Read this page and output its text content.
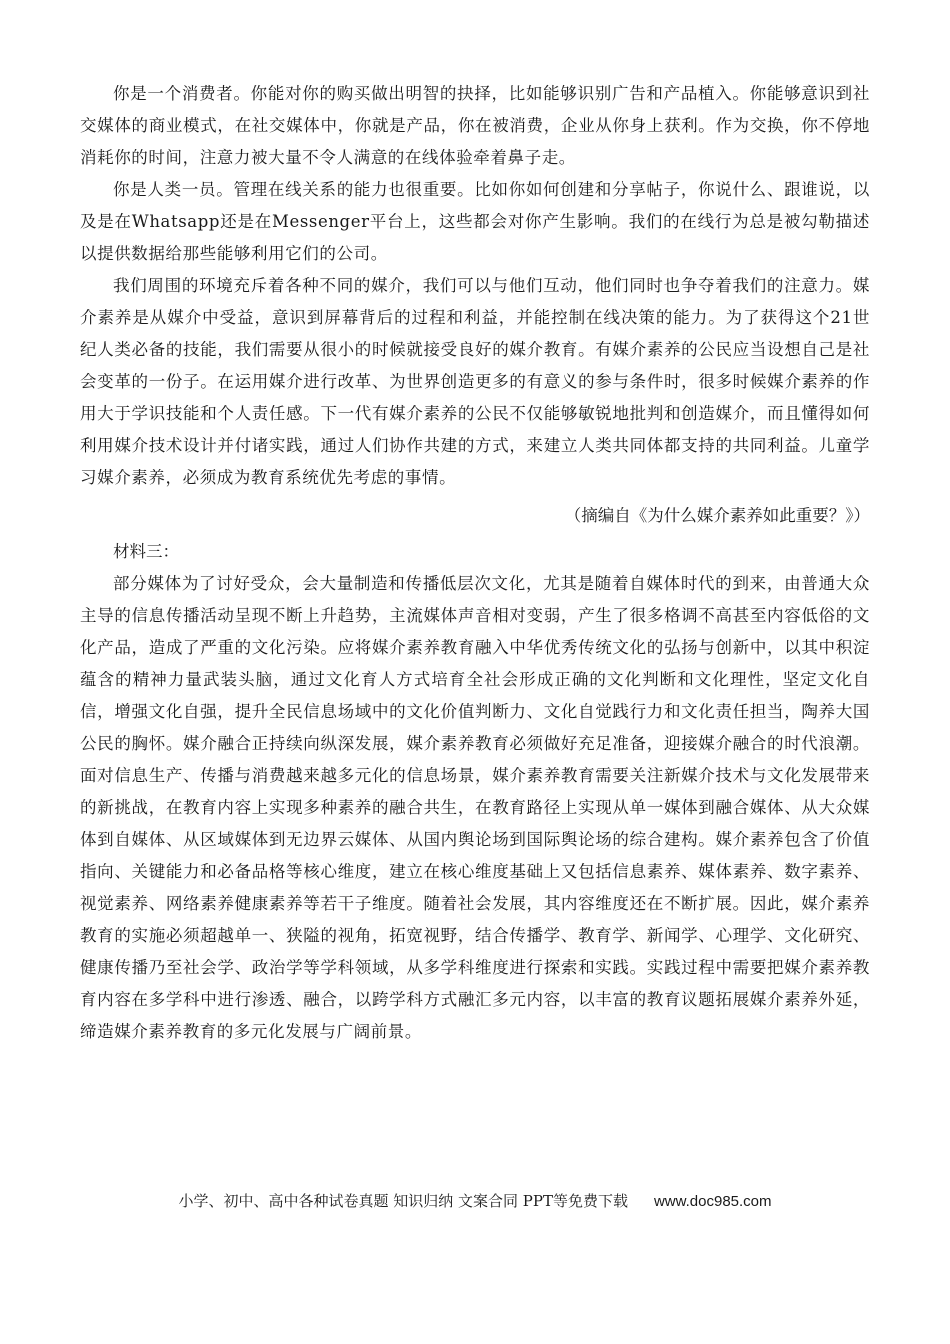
你是一个消费者。你能对你的购买做出明智的抉择，比如能够识别广告和产品植入。你能够意识到社交媒体的商业模式，在社交媒体中，你就是产品，你在被消费，企业从你身上获利。作为交换，你不停地消耗你的时间，注意力被大量不令人满意的在线体验牵着鼻子走。

你是人类一员。管理在线关系的能力也很重要。比如你如何创建和分享帖子，你说什么、跟谁说，以及是在Whatsapp还是在Messenger平台上，这些都会对你产生影响。我们的在线行为总是被勾勒描述以提供数据给那些能够利用它们的公司。

我们周围的环境充斥着各种不同的媒介，我们可以与他们互动，他们同时也争夺着我们的注意力。媒介素养是从媒介中受益，意识到屏幕背后的过程和利益，并能控制在线决策的能力。为了获得这个21世纪人类必备的技能，我们需要从很小的时候就接受良好的媒介教育。有媒介素养的公民应当设想自己是社会变革的一份子。在运用媒介进行改革、为世界创造更多的有意义的参与条件时，很多时候媒介素养的作用大于学识技能和个人责任感。下一代有媒介素养的公民不仅能够敏锐地批判和创造媒介，而且懂得如何利用媒介技术设计并付诸实践，通过人们协作共建的方式，来建立人类共同体都支持的共同利益。儿童学习媒介素养，必须成为教育系统优先考虑的事情。

（摘编自《为什么媒介素养如此重要？》）

材料三：

部分媒体为了讨好受众，会大量制造和传播低层次文化，尤其是随着自媒体时代的到来，由普通大众主导的信息传播活动呈现不断上升趋势，主流媒体声音相对变弱，产生了很多格调不高甚至内容低俗的文化产品，造成了严重的文化污染。应将媒介素养教育融入中华优秀传统文化的弘扬与创新中，以其中积淀蕴含的精神力量武装头脑，通过文化育人方式培育全社会形成正确的文化判断和文化理性，坚定文化自信，增强文化自强，提升全民信息场域中的文化价值判断力、文化自觉践行力和文化责任担当，陶养大国公民的胸怀。媒介融合正持续向纵深发展，媒介素养教育必须做好充足准备，迎接媒介融合的时代浪潮。面对信息生产、传播与消费越来越多元化的信息场景，媒介素养教育需要关注新媒介技术与文化发展带来的新挑战，在教育内容上实现多种素养的融合共生，在教育路径上实现从单一媒体到融合媒体、从大众媒体到自媒体、从区域媒体到无边界云媒体、从国内舆论场到国际舆论场的综合建构。媒介素养包含了价值指向、关键能力和必备品格等核心维度，建立在核心维度基础上又包括信息素养、媒体素养、数字素养、视觉素养、网络素养健康素养等若干子维度。随着社会发展，其内容维度还在不断扩展。因此，媒介素养教育的实施必须超越单一、狭隘的视角，拓宽视野，结合传播学、教育学、新闻学、心理学、文化研究、健康传播乃至社会学、政治学等学科领域，从多学科维度进行探索和实践。实践过程中需要把媒介素养教育内容在多学科中进行渗透、融合，以跨学科方式融汇多元内容，以丰富的教育议题拓展媒介素养外延，缔造媒介素养教育的多元化发展与广阔前景。

小学、初中、高中各种试卷真题 知识归纳 文案合同 PPT等免费下载 www.doc985.com
